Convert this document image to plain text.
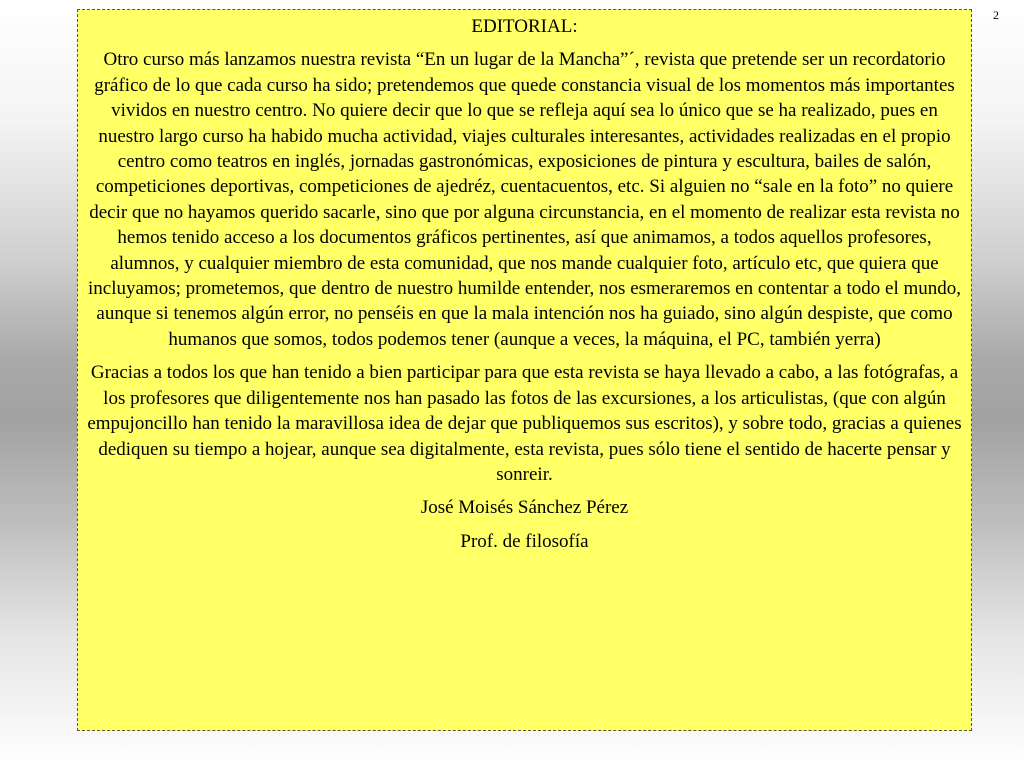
2

EDITORIAL:

Otro curso más lanzamos nuestra revista “En un lugar de la Mancha”´, revista que pretende ser un recordatorio gráfico de lo que cada curso ha sido; pretendemos que quede constancia visual de los momentos más importantes vividos en nuestro centro. No quiere decir que lo que se refleja aquí sea lo único que se ha realizado, pues en nuestro largo curso ha habido mucha actividad, viajes culturales interesantes, actividades realizadas en el propio centro como teatros en inglés, jornadas gastronómicas, exposiciones de pintura y escultura, bailes de salón, competiciones deportivas, competiciones de ajedréz, cuentacuentos, etc. Si alguien no “sale en la foto” no quiere decir que no hayamos querido sacarle, sino que por alguna circunstancia, en el momento de realizar esta revista no hemos tenido acceso a los documentos gráficos pertinentes, así que animamos, a todos aquellos profesores, alumnos, y cualquier miembro de esta comunidad, que nos mande cualquier foto, artículo etc, que quiera que incluyamos; prometemos, que dentro de nuestro humilde entender, nos esmeraremos en contentar a todo el mundo, aunque si tenemos algún error, no penséis en que la mala intención nos ha guiado, sino algún despiste, que como humanos que somos, todos podemos tener (aunque a veces, la máquina, el PC, también yerra)

Gracias a todos los que han tenido a bien participar para que esta revista se haya llevado a cabo, a las fotógrafas, a los profesores que diligentemente nos han pasado las fotos de las excursiones, a los articulistas, (que con algún empujoncillo han tenido la maravillosa idea de dejar que publiquemos sus escritos), y sobre todo, gracias a quienes dediquen su tiempo a hojear, aunque sea digitalmente, esta revista, pues sólo tiene el sentido de hacerte pensar y sonreir.

José Moisés Sánchez Pérez

Prof. de filosofía
